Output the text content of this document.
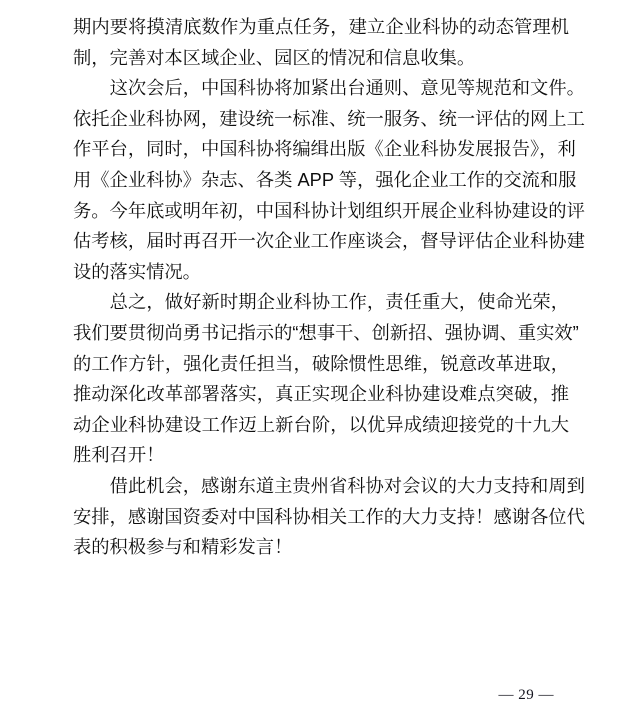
期内要将摸清底数作为重点任务，建立企业科协的动态管理机
制，完善对本区域企业、园区的情况和信息收集。
这次会后，中国科协将加紧出台通则、意见等规范和文件。
依托企业科协网，建设统一标准、统一服务、统一评估的网上工
作平台，同时，中国科协将编缉出版《企业科协发展报告》，利
用《企业科协》杂志、各类 APP 等，强化企业工作的交流和服
务。今年底或明年初，中国科协计划组织开展企业科协建设的评
估考核，届时再召开一次企业工作座谈会，督导评估企业科协建
设的落实情况。
总之，做好新时期企业科协工作，责任重大，使命光荣，
我们要贯彻尚勇书记指示的“想事干、创新招、强协调、重实效”
的工作方针，强化责任担当，破除惯性思维，锐意改革进取，
推动深化改革部署落实，真正实现企业科协建设难点突破，推
动企业科协建设工作迈上新台阶，以优异成绩迎接党的十九大
胜利召开！
借此机会，感谢东道主贵州省科协对会议的大力支持和周到
安排，感谢国资委对中国科协相关工作的大力支持！感谢各位代
表的积极参与和精彩发言！
— 29 —
